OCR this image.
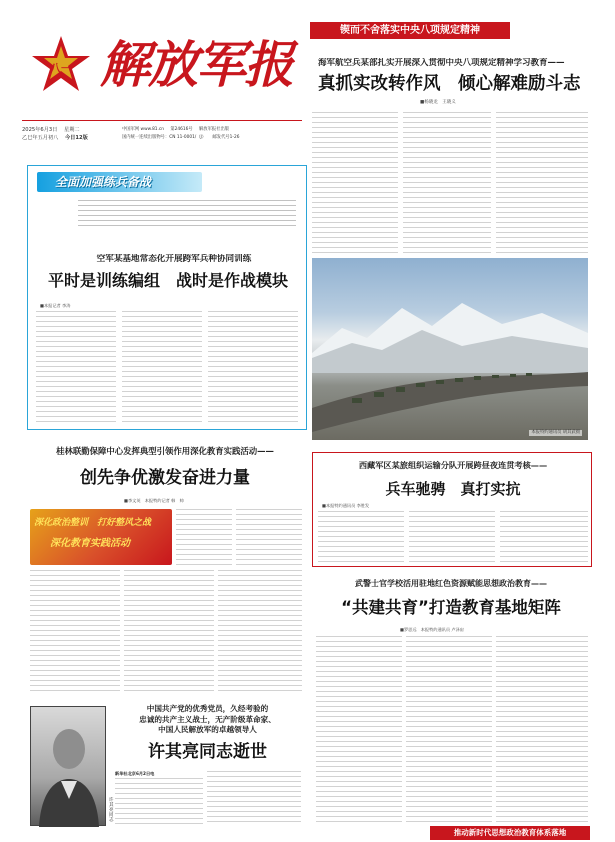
八一 解放军报
2025年6月3日 星期二
乙巳年五月初八 今日12版
中国军网 www.81.cn 第24616号 解放军报社出版
国内统一连续出版物号：CN 11-0001/（J） 邮发代号1-26
锲而不舍落实中央八项规定精神
海军航空兵某部扎实开展深入贯彻中央八项规定精神学习教育——
真抓实改转作风　倾心解难励斗志
■杨晓龙　王晓义
全面加强练兵备战
空军某基地常态化开展跨军兵种协同训练
平时是训练编组　战时是作战模块
■本报记者 李涛
本报特约通讯员 胡其武摄
西藏军区某旅组织运输分队开展跨昼夜连贯考核——
兵车驰骋　真打实抗
■本报特约通讯员 李胜发
桂林联勤保障中心发挥典型引领作用深化教育实践活动——
创先争优激发奋进力量
■李文英　本报特约记者 韩　帅
深化政治整训　打好整风之战
深化教育实践活动
武警士官学校活用驻地红色资源赋能思想政治教育——
“共建共育”打造教育基地矩阵
■罗思远　本报特约通讯员 卢泽宙
许其亮同志
中国共产党的优秀党员，久经考验的
忠诚的共产主义战士，无产阶级革命家、
中国人民解放军的卓越领导人
许其亮同志逝世
新华社北京6月2日电
推动新时代思想政治教育体系落地
